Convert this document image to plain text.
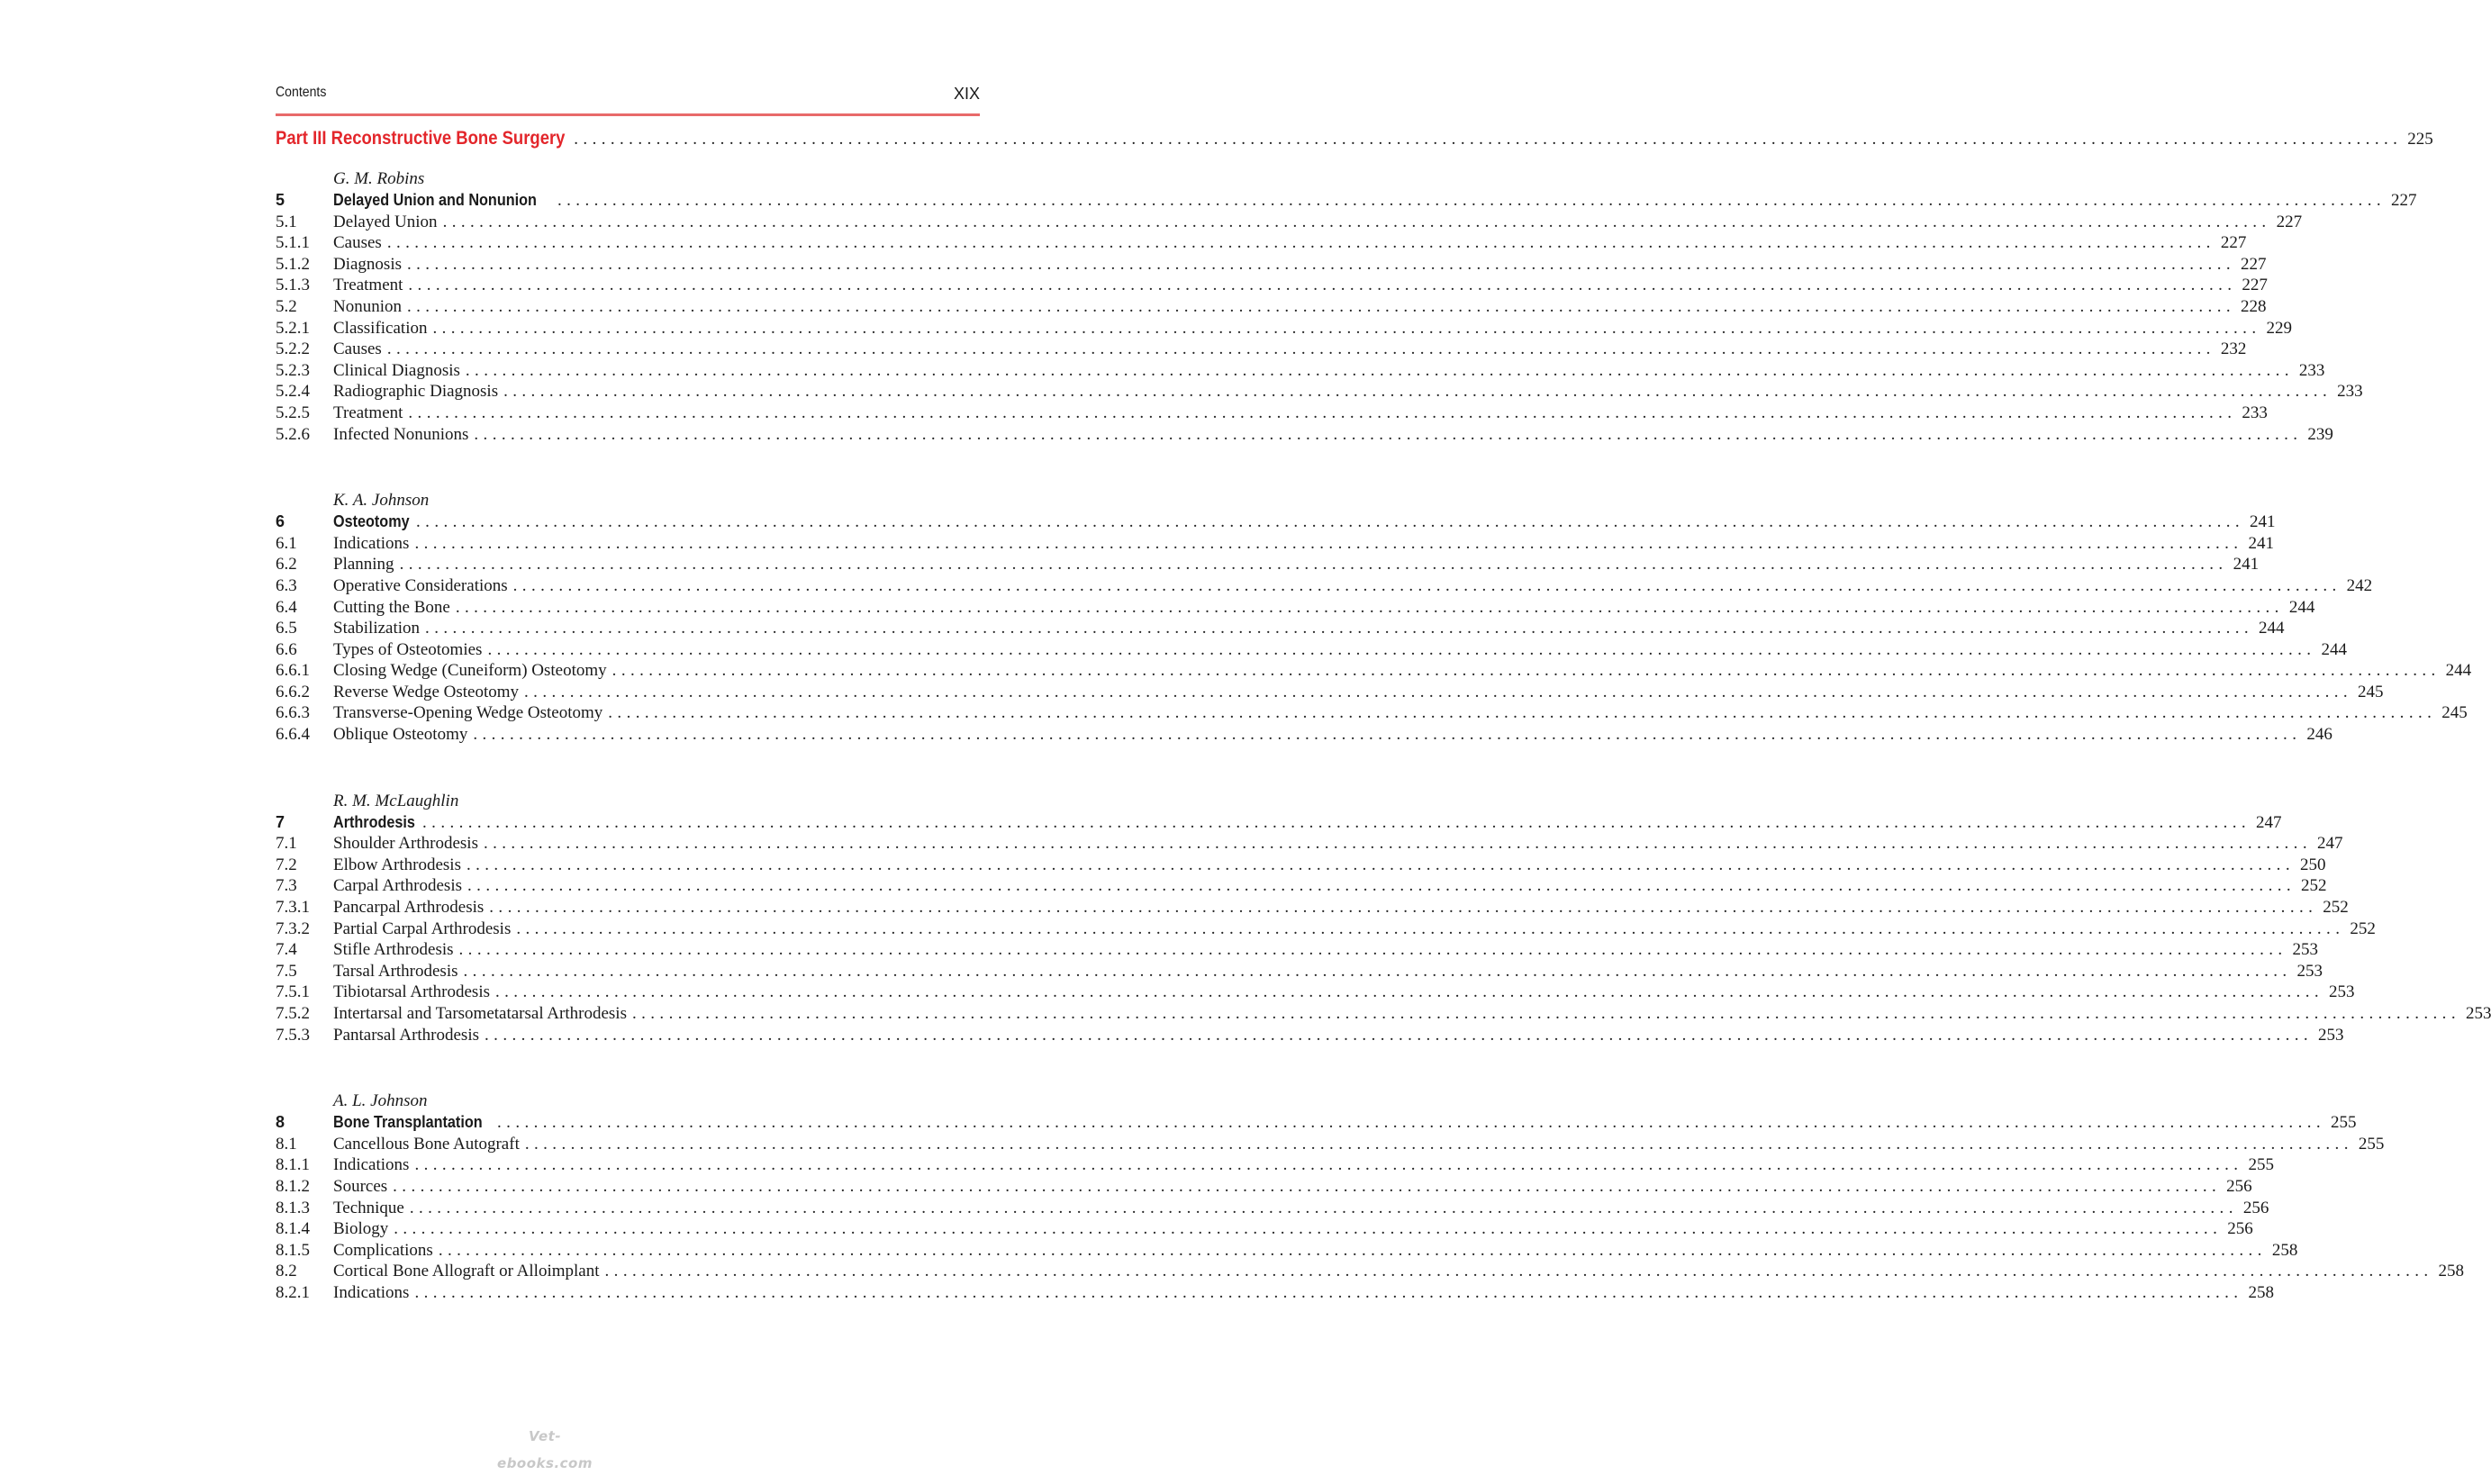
Contents	XIX
Part III Reconstructive Bone Surgery ........................................................................................................................................................................................................ 225
G. M. Robins
5	Delayed Union and Nonunion ........................................................................................................................................................................................................ 227
5.1	Delayed Union ........................................................................................................................................................................................................ 227
5.1.1	Causes ........................................................................................................................................................................................................ 227
5.1.2	Diagnosis ........................................................................................................................................................................................................ 227
5.1.3	Treatment ........................................................................................................................................................................................................ 227
5.2	Nonunion ........................................................................................................................................................................................................ 228
5.2.1	Classification ........................................................................................................................................................................................................ 229
5.2.2	Causes ........................................................................................................................................................................................................ 232
5.2.3	Clinical Diagnosis ........................................................................................................................................................................................................ 233
5.2.4	Radiographic Diagnosis ........................................................................................................................................................................................................ 233
5.2.5	Treatment ........................................................................................................................................................................................................ 233
5.2.6	Infected Nonunions ........................................................................................................................................................................................................ 239
K. A. Johnson
6	Osteotomy ........................................................................................................................................................................................................ 241
6.1	Indications ........................................................................................................................................................................................................ 241
6.2	Planning ........................................................................................................................................................................................................ 241
6.3	Operative Considerations ........................................................................................................................................................................................................ 242
6.4	Cutting the Bone ........................................................................................................................................................................................................ 244
6.5	Stabilization ........................................................................................................................................................................................................ 244
6.6	Types of Osteotomies ........................................................................................................................................................................................................ 244
6.6.1	Closing Wedge (Cuneiform) Osteotomy ........................................................................................................................................................................................................ 244
6.6.2	Reverse Wedge Osteotomy ........................................................................................................................................................................................................ 245
6.6.3	Transverse-Opening Wedge Osteotomy ........................................................................................................................................................................................................ 245
6.6.4	Oblique Osteotomy ........................................................................................................................................................................................................ 246
R. M. McLaughlin
7	Arthrodesis ........................................................................................................................................................................................................ 247
7.1	Shoulder Arthrodesis ........................................................................................................................................................................................................ 247
7.2	Elbow Arthrodesis ........................................................................................................................................................................................................ 250
7.3	Carpal Arthrodesis ........................................................................................................................................................................................................ 252
7.3.1	Pancarpal Arthrodesis ........................................................................................................................................................................................................ 252
7.3.2	Partial Carpal Arthrodesis ........................................................................................................................................................................................................ 252
7.4	Stifle Arthrodesis ........................................................................................................................................................................................................ 253
7.5	Tarsal Arthrodesis ........................................................................................................................................................................................................ 253
7.5.1	Tibiotarsal Arthrodesis ........................................................................................................................................................................................................ 253
7.5.2	Intertarsal and Tarsometatarsal Arthrodesis ........................................................................................................................................................................................................ 253
7.5.3	Pantarsal Arthrodesis ........................................................................................................................................................................................................ 253
A. L. Johnson
8	Bone Transplantation ........................................................................................................................................................................................................ 255
8.1	Cancellous Bone Autograft ........................................................................................................................................................................................................ 255
8.1.1	Indications ........................................................................................................................................................................................................ 255
8.1.2	Sources ........................................................................................................................................................................................................ 256
8.1.3	Technique ........................................................................................................................................................................................................ 256
8.1.4	Biology ........................................................................................................................................................................................................ 256
8.1.5	Complications ........................................................................................................................................................................................................ 258
8.2	Cortical Bone Allograft or Alloimplant ........................................................................................................................................................................................................ 258
8.2.1	Indications ........................................................................................................................................................................................................ 258
Vet-ebooks.com
